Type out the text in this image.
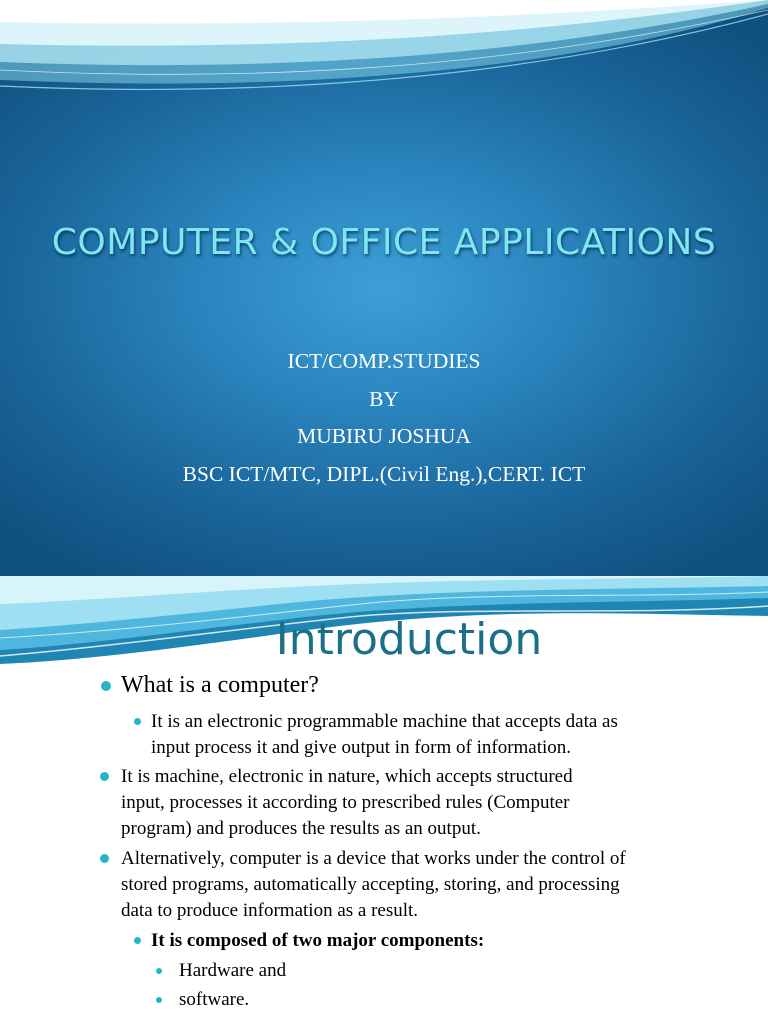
COMPUTER & OFFICE APPLICATIONS
ICT/COMP.STUDIES
BY
MUBIRU JOSHUA
BSC ICT/MTC, DIPL.(Civil Eng.),CERT. ICT
Introduction
What is a computer?
It is an electronic programmable machine that accepts data as
input process it and give output in form of information.
It is machine, electronic in nature, which accepts structured
input, processes it according to prescribed rules (Computer
program) and produces the results as an output.
Alternatively, computer is a device that works under the control of
stored programs, automatically accepting, storing, and processing
data to produce information as a result.
It is composed of two major components:
Hardware and
software.
